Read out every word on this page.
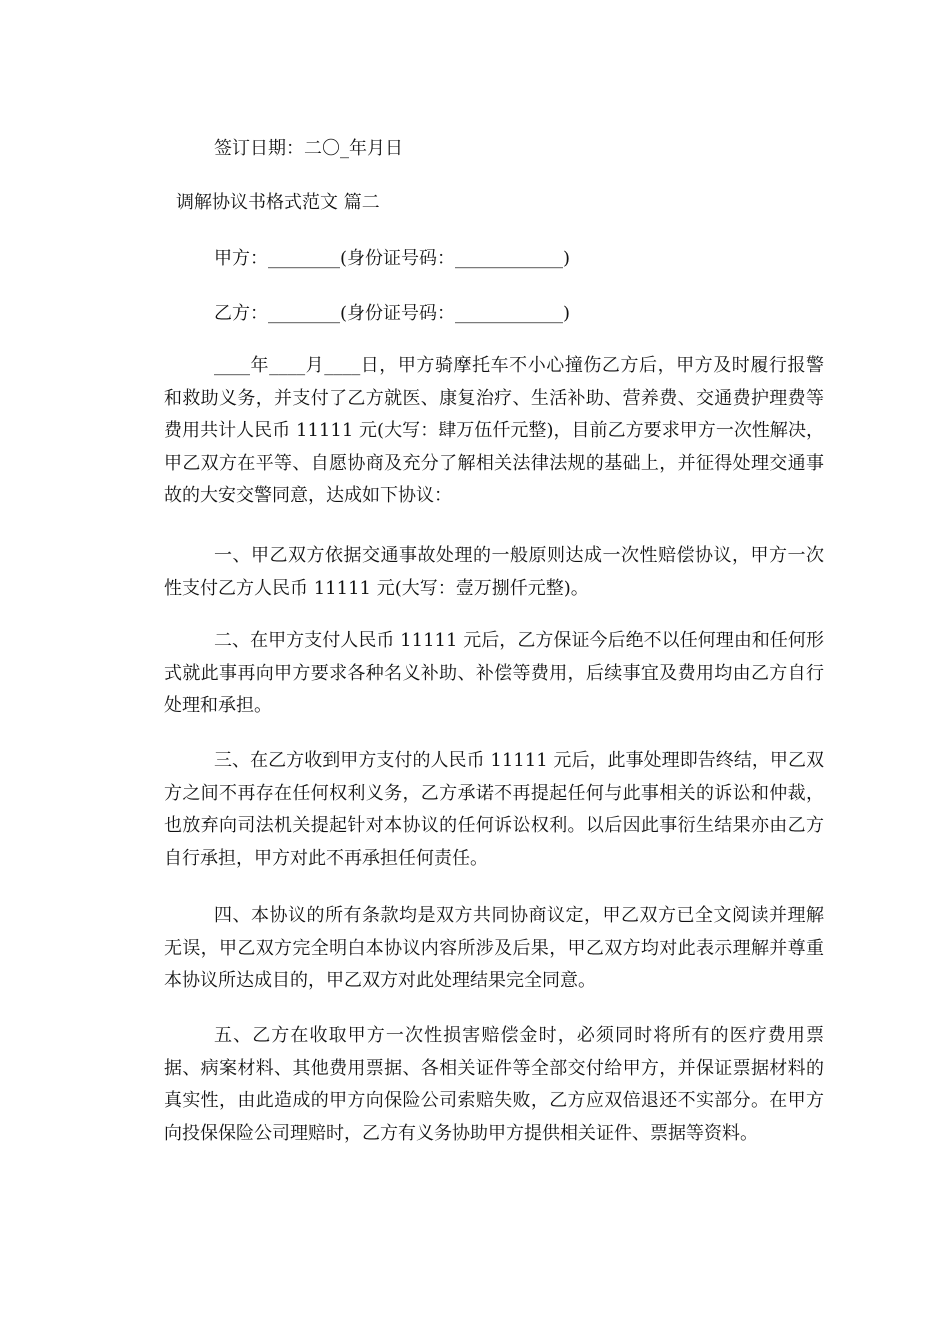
签订日期：二〇_年月日
调解协议书格式范文 篇二
甲方：________(身份证号码：____________)
乙方：________(身份证号码：____________)

____年____月____日，甲方骑摩托车不小心撞伤乙方后，甲方及时履行报警和救助义务，并支付了乙方就医、康复治疗、生活补助、营养费、交通费护理费等费用共计人民币 11111 元(大写：肆万伍仟元整)，目前乙方要求甲方一次性解决，甲乙双方在平等、自愿协商及充分了解相关法律法规的基础上，并征得处理交通事故的大安交警同意，达成如下协议：

一、甲乙双方依据交通事故处理的一般原则达成一次性赔偿协议，甲方一次性支付乙方人民币 11111 元(大写：壹万捌仟元整)。

二、在甲方支付人民币 11111 元后，乙方保证今后绝不以任何理由和任何形式就此事再向甲方要求各种名义补助、补偿等费用，后续事宜及费用均由乙方自行处理和承担。

三、在乙方收到甲方支付的人民币 11111 元后，此事处理即告终结，甲乙双方之间不再存在任何权利义务，乙方承诺不再提起任何与此事相关的诉讼和仲裁，也放弃向司法机关提起针对本协议的任何诉讼权利。以后因此事衍生结果亦由乙方自行承担，甲方对此不再承担任何责任。

四、本协议的所有条款均是双方共同协商议定，甲乙双方已全文阅读并理解无误，甲乙双方完全明白本协议内容所涉及后果，甲乙双方均对此表示理解并尊重本协议所达成目的，甲乙双方对此处理结果完全同意。

五、乙方在收取甲方一次性损害赔偿金时，必须同时将所有的医疗费用票据、病案材料、其他费用票据、各相关证件等全部交付给甲方，并保证票据材料的真实性，由此造成的甲方向保险公司索赔失败，乙方应双倍退还不实部分。在甲方向投保保险公司理赔时，乙方有义务协助甲方提供相关证件、票据等资料。
